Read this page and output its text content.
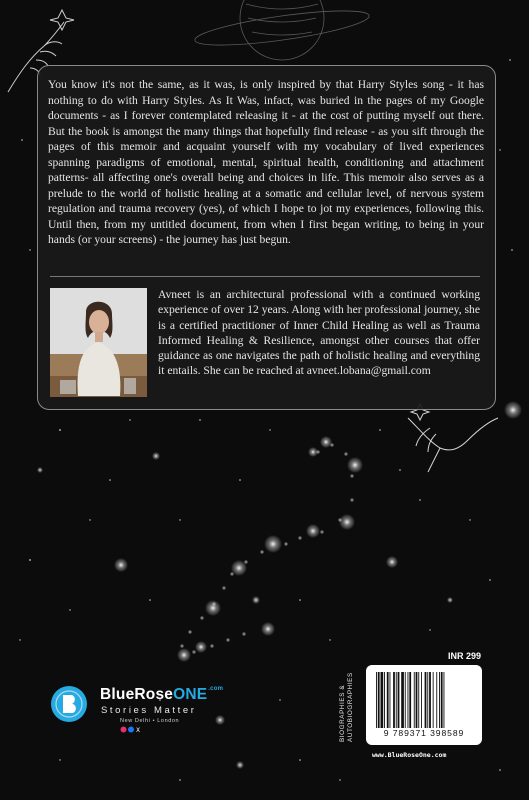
You know it's not the same, as it was, is only inspired by that Harry Styles song - it has nothing to do with Harry Styles. As It Was, infact, was buried in the pages of my Google documents - as I forever contemplated releasing it - at the cost of putting myself out there. But the book is amongst the many things that hopefully find release - as you sift through the pages of this memoir and acquaint yourself with my vocabulary of lived experiences spanning paradigms of emotional, mental, spiritual health, conditioning and attachment patterns- all affecting one's overall being and choices in life. This memoir also serves as a prelude to the world of holistic healing at a somatic and cellular level, of nervous system regulation and trauma recovery (yes), of which I hope to jot my experiences, following this. Until then, from my untitled document, from when I first began writing, to being in your hands (or your screens) - the journey has just begun.

Avneet is an architectural professional with a continued working experience of over 12 years. Along with her professional journey, she is a certified practitioner of Inner Child Healing as well as Trauma Informed Healing & Resilience, amongst other courses that offer guidance as one navigates the path of holistic healing and everything it entails. She can be reached at avneet.lobana@gmail.com

BlueRoseONE$^{.com}$
Stories Matter
New Delhi • London
X	BIOGRAPHIES & AUTOBIOGRAPHIES
INR 299
9 789371 398589
www.BlueRoseOne.com
